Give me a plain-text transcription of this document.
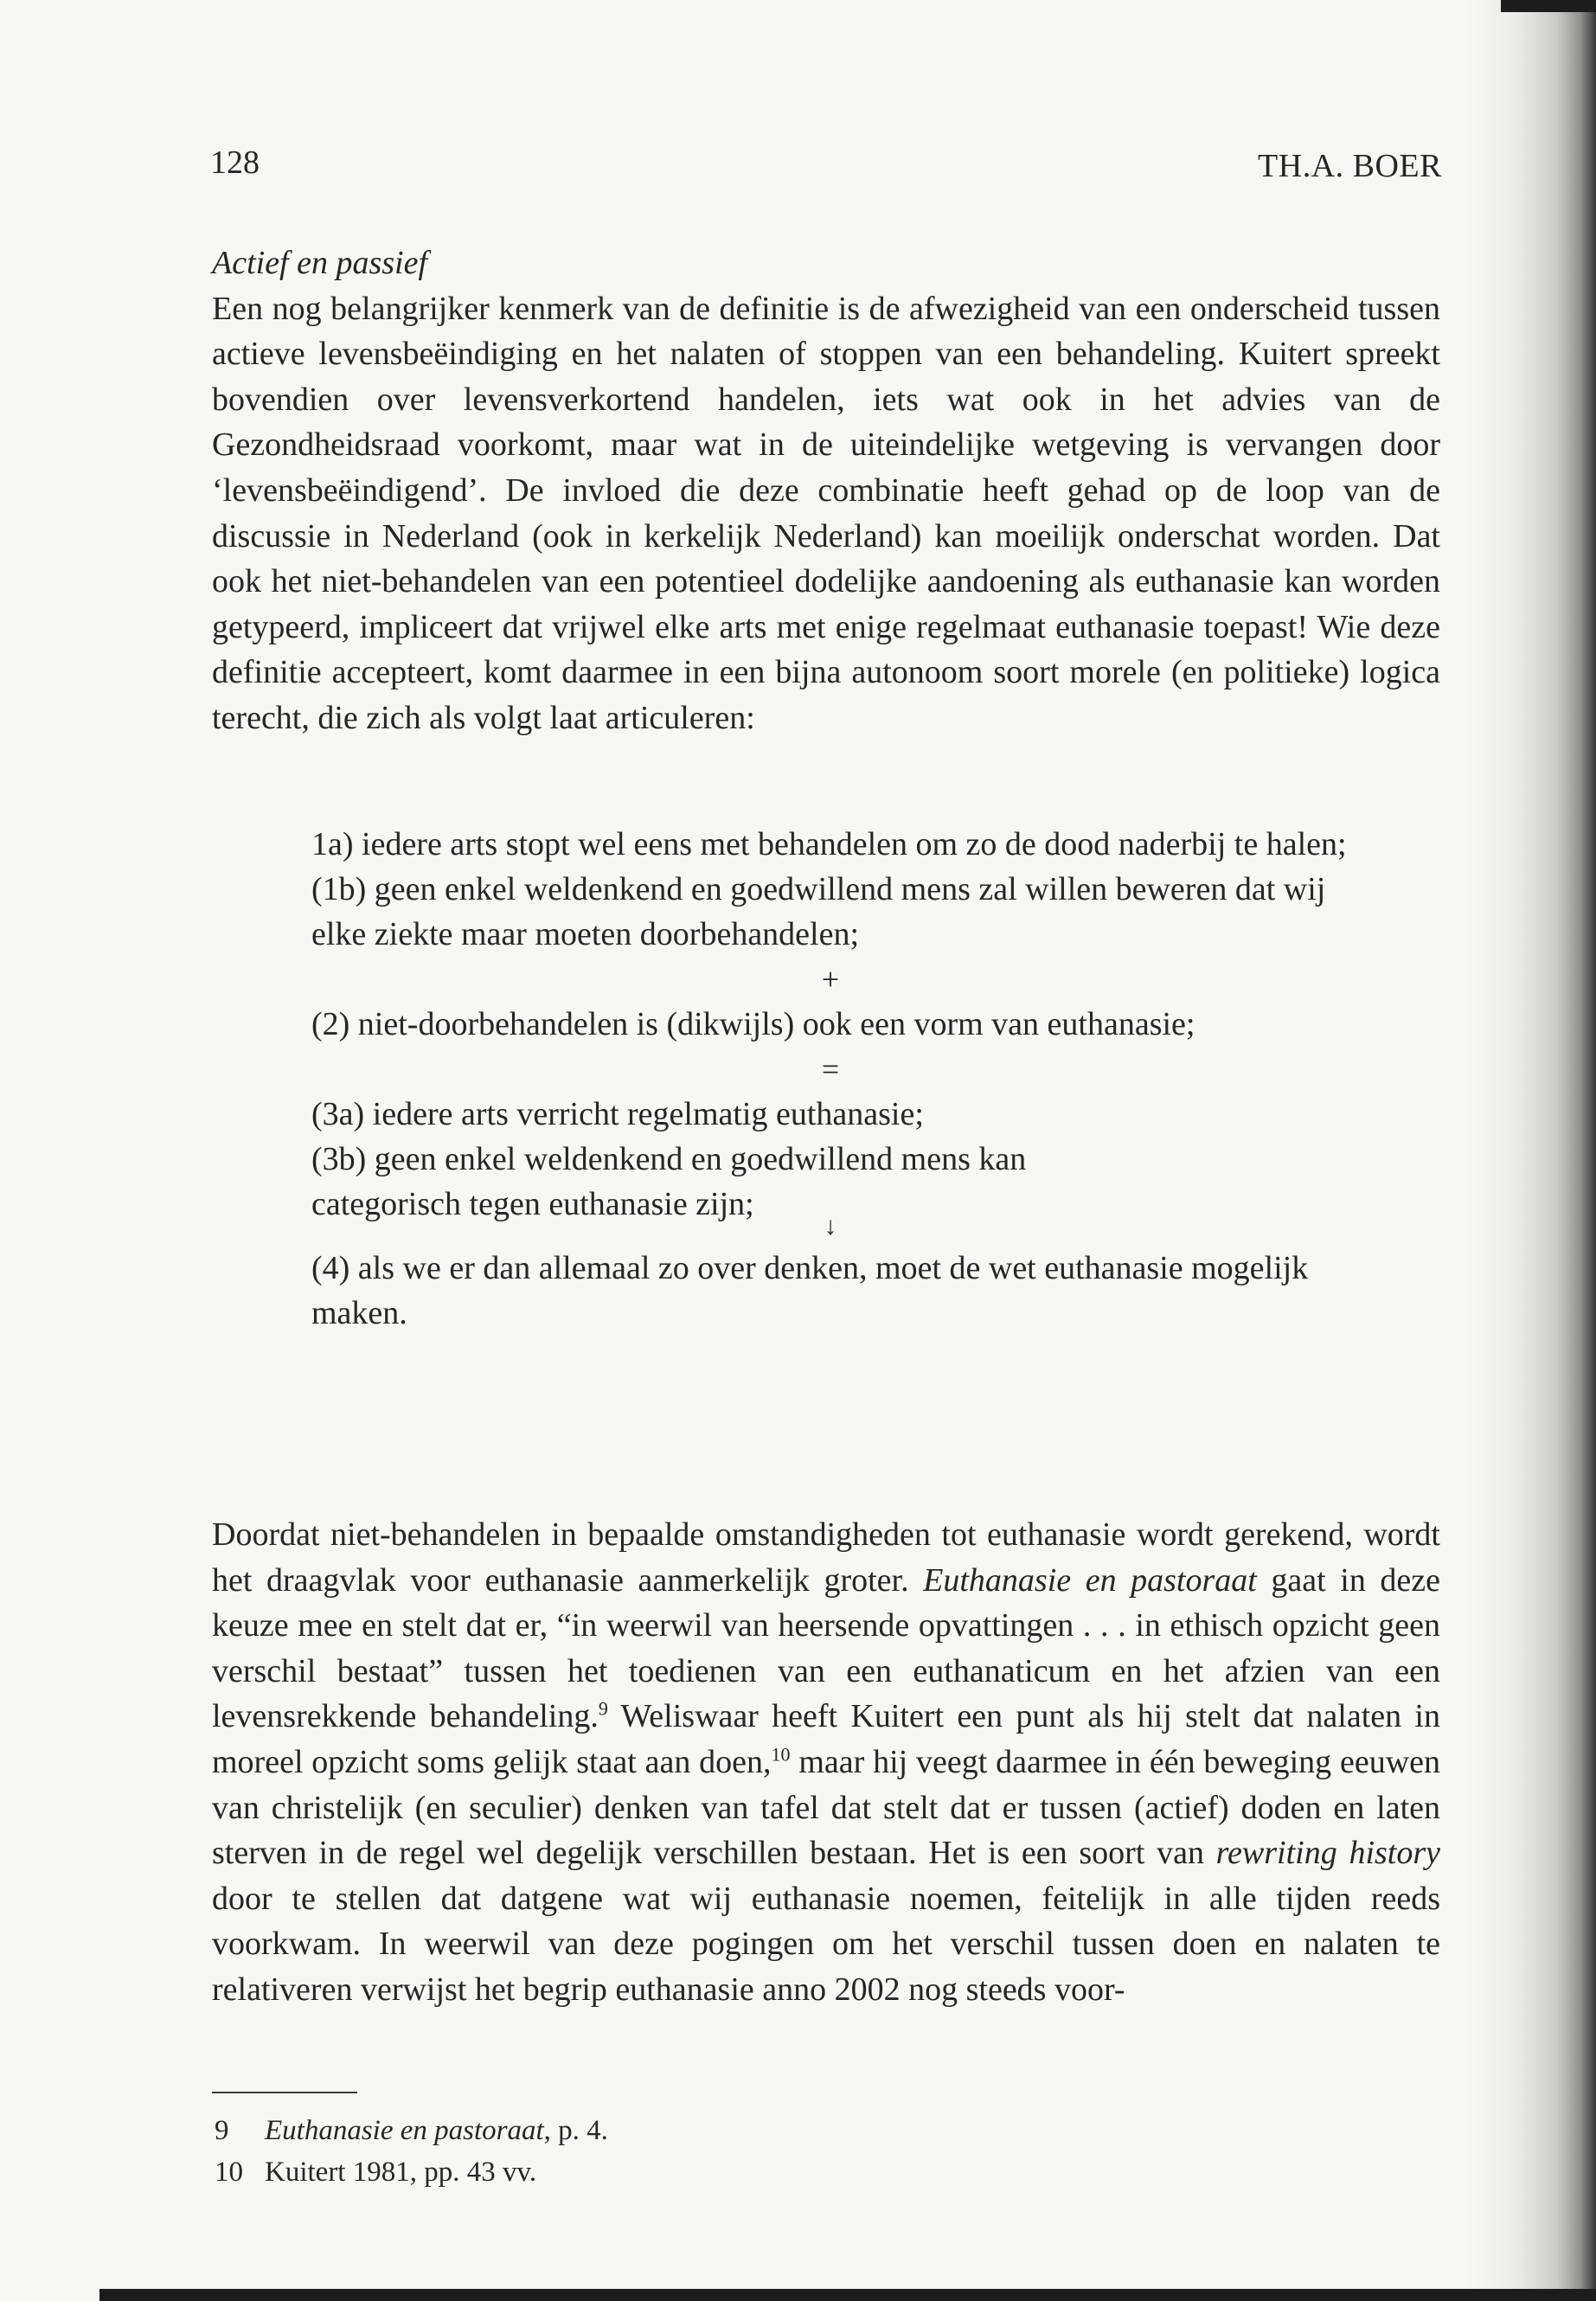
128	TH.A. BOER

Actief en passief
Een nog belangrijker kenmerk van de definitie is de afwezigheid van een onderscheid tussen actieve levensbeëindiging en het nalaten of stoppen van een behandeling. Kuitert spreekt bovendien over levensverkortend handelen, iets wat ook in het advies van de Gezondheidsraad voorkomt, maar wat in de uiteindelijke wetgeving is vervangen door ‘levensbeëindigend’. De invloed die deze combinatie heeft gehad op de loop van de discussie in Nederland (ook in kerkelijk Nederland) kan moeilijk onderschat worden. Dat ook het niet-behandelen van een potentieel dodelijke aandoening als euthanasie kan worden getypeerd, impliceert dat vrijwel elke arts met enige regelmaat euthanasie toepast! Wie deze definitie accepteert, komt daarmee in een bijna autonoom soort morele (en politieke) logica terecht, die zich als volgt laat articuleren:

1a) iedere arts stopt wel eens met behandelen om zo de dood naderbij te halen;

(1b) geen enkel weldenkend en goedwillend mens zal willen beweren dat wij elke ziekte maar moeten doorbehandelen;

+

(2) niet-doorbehandelen is (dikwijls) ook een vorm van euthanasie;

=

(3a) iedere arts verricht regelmatig euthanasie;

(3b) geen enkel weldenkend en goedwillend mens kan categorisch tegen euthanasie zijn;

↓

(4) als we er dan allemaal zo over denken, moet de wet euthanasie mogelijk maken.

Doordat niet-behandelen in bepaalde omstandigheden tot euthanasie wordt gerekend, wordt het draagvlak voor euthanasie aanmerkelijk groter. Euthanasie en pastoraat gaat in deze keuze mee en stelt dat er, “in weerwil van heersende opvattingen . . . in ethisch opzicht geen verschil bestaat” tussen het toedienen van een euthanaticum en het afzien van een levensrekkende behandeling.$^9$ Weliswaar heeft Kuitert een punt als hij stelt dat nalaten in moreel opzicht soms gelijk staat aan doen,$^{10}$ maar hij veegt daarmee in één beweging eeuwen van christelijk (en seculier) denken van tafel dat stelt dat er tussen (actief) doden en laten sterven in de regel wel degelijk verschillen bestaan. Het is een soort van rewriting history door te stellen dat datgene wat wij euthanasie noemen, feitelijk in alle tijden reeds voorkwam. In weerwil van deze pogingen om het verschil tussen doen en nalaten te relativeren verwijst het begrip euthanasie anno 2002 nog steeds voor-

9 Euthanasie en pastoraat, p. 4.
10 Kuitert 1981, pp. 43 vv.
